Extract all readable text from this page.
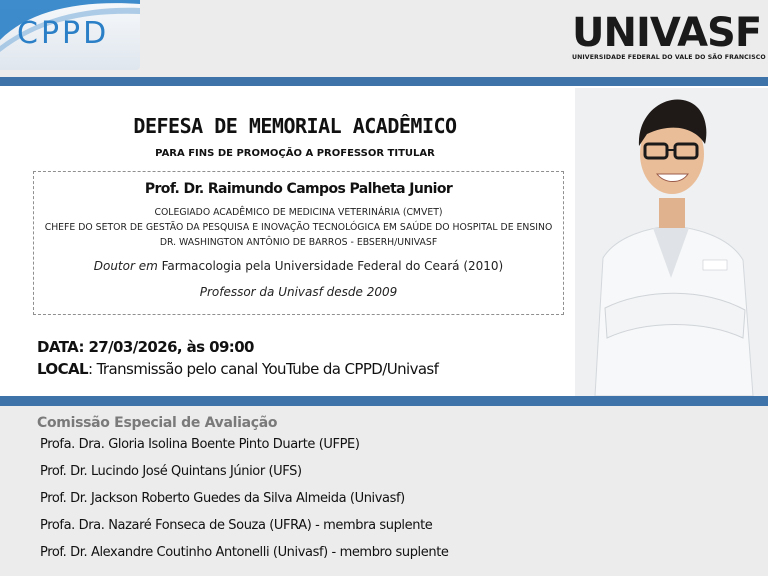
CPPD	UNIVASF
UNIVERSIDADE FEDERAL DO VALE DO SÃO FRANCISCO
DEFESA DE MEMORIAL ACADÊMICO
PARA FINS DE PROMOÇÃO A PROFESSOR TITULAR
Prof. Dr. Raimundo Campos Palheta Junior
COLEGIADO ACADÊMICO DE MEDICINA VETERINÁRIA (CMVET)
CHEFE DO SETOR DE GESTÃO DA PESQUISA E INOVAÇÃO TECNOLÓGICA EM SAÚDE DO HOSPITAL DE ENSINO
DR. WASHINGTON ANTÔNIO DE BARROS - EBSERH/UNIVASF
Doutor em Farmacologia pela Universidade Federal do Ceará (2010)
Professor da Univasf desde 2009
DATA: 27/03/2026, às 09:00
LOCAL: Transmissão pelo canal YouTube da CPPD/Univasf
Comissão Especial de Avaliação
Profa. Dra. Gloria Isolina Boente Pinto Duarte (UFPE)
Prof. Dr. Lucindo José Quintans Júnior (UFS)
Prof. Dr. Jackson Roberto Guedes da Silva Almeida (Univasf)
Profa. Dra. Nazaré Fonseca de Souza (UFRA) - membra suplente
Prof. Dr. Alexandre Coutinho Antonelli (Univasf) - membro suplente
